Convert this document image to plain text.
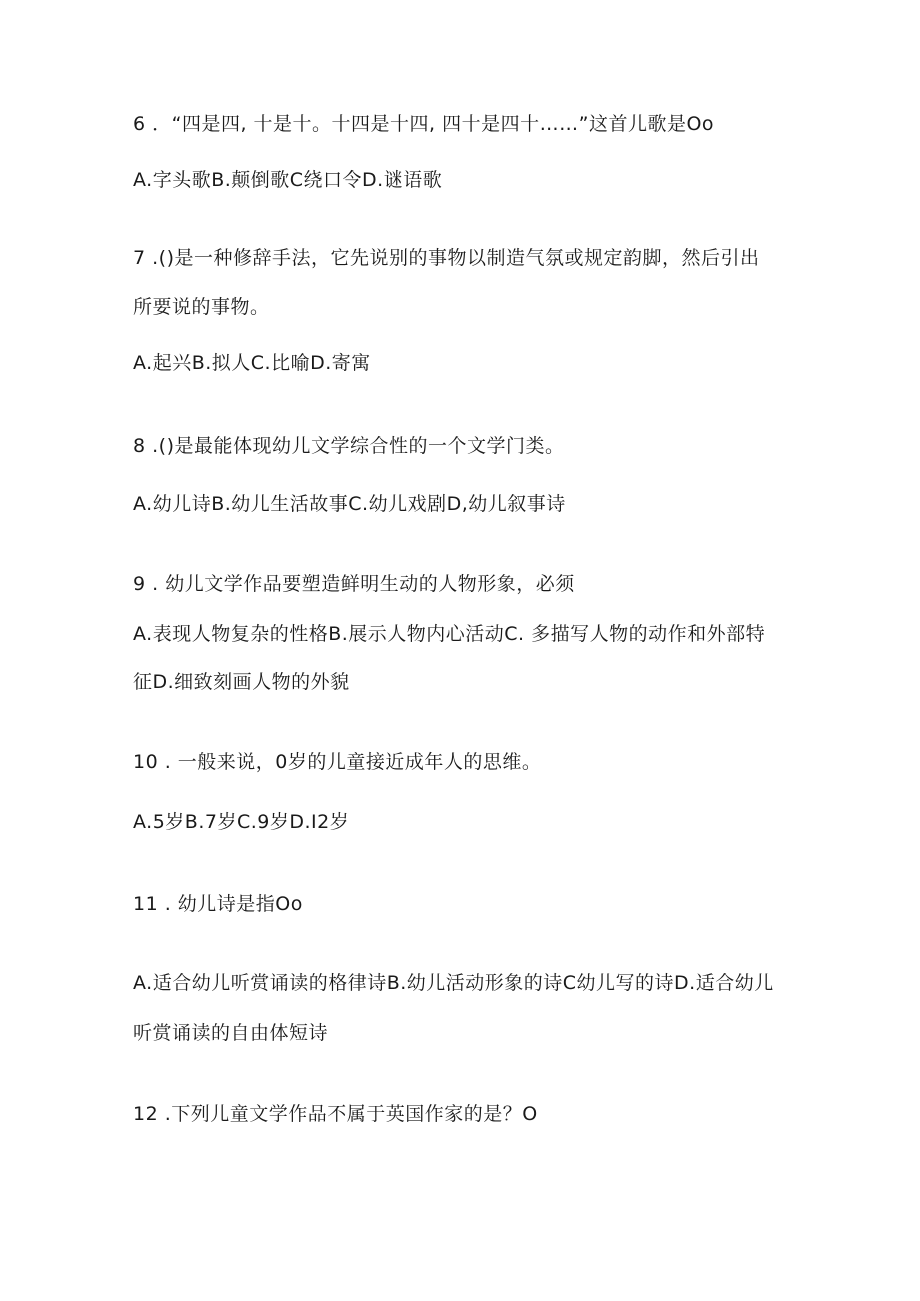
6 ．“四是四, 十是十。十四是十四, 四十是四十……”这首儿歌是Oo
A.字头歌B.颠倒歌C绕口令D.谜语歌
7 .()是一种修辞手法，它先说别的事物以制造气氛或规定韵脚，然后引出
所要说的事物。
A.起兴B.拟人C.比喻D.寄寓
8 .()是最能体现幼儿文学综合性的一个文学门类。
A.幼儿诗B.幼儿生活故事C.幼儿戏剧D,幼儿叙事诗
9 . 幼儿文学作品要塑造鲜明生动的人物形象，必须
A.表现人物复杂的性格B.展示人物内心活动C. 多描写人物的动作和外部特
征D.细致刻画人物的外貌
10 . 一般来说，0岁的儿童接近成年人的思维。
A.5岁B.7岁C.9岁D.I2岁
11 . 幼儿诗是指Oo
A.适合幼儿听赏诵读的格律诗B.幼儿活动形象的诗C幼儿写的诗D.适合幼儿
听赏诵读的自由体短诗
12 .下列儿童文学作品不属于英国作家的是？O
